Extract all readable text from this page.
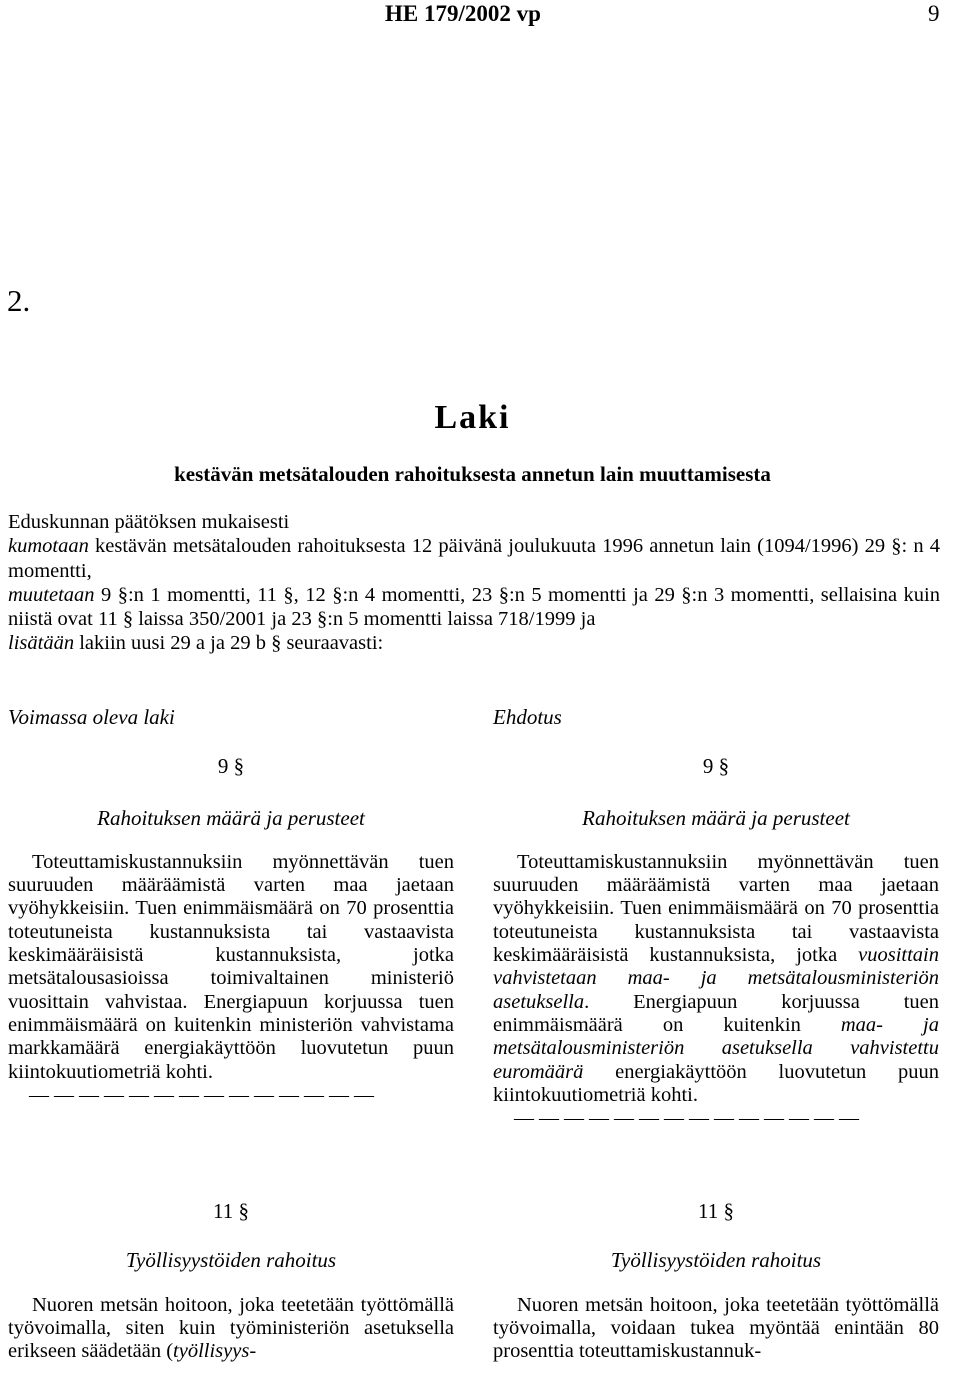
HE 179/2002 vp	9
2.
Laki
kestävän metsätalouden rahoituksesta annetun lain muuttamisesta

Eduskunnan päätöksen mukaisesti

kumotaan kestävän metsätalouden rahoituksesta 12 päivänä joulukuuta 1996 annetun lain (1094/1996) 29 §: n 4 momentti,

muutetaan 9 §:n 1 momentti, 11 §, 12 §:n 4 momentti, 23 §:n 5 momentti ja 29 §:n 3 momentti, sellaisina kuin niistä ovat 11 § laissa 350/2001 ja 23 §:n 5 momentti laissa 718/1999 ja

lisätään lakiin uusi 29 a ja 29 b § seuraavasti:

Voimassa oleva laki

9 §

Rahoituksen määrä ja perusteet

Toteuttamiskustannuksiin myönnettävän tuen suuruuden määräämistä varten maa jaetaan vyöhykkeisiin. Tuen enimmäismäärä on 70 prosenttia toteutuneista kustannuksista tai vastaavista keskimääräisistä kustannuksista, jotka metsätalousasioissa toimivaltainen ministeriö vuosittain vahvistaa. Energiapuun korjuussa tuen enimmäismäärä on kuitenkin ministeriön vahvistama markkamäärä energiakäyttöön luovutetun puun kiintokuutiometriä kohti.

— — — — — — — — — — — — — —

Ehdotus

9 §

Rahoituksen määrä ja perusteet

Toteuttamiskustannuksiin myönnettävän tuen suuruuden määräämistä varten maa jaetaan vyöhykkeisiin. Tuen enimmäismäärä on 70 prosenttia toteutuneista kustannuksista tai vastaavista keskimääräisistä kustannuksista, jotka vuosittain vahvistetaan maa- ja metsätalousministeriön asetuksella. Energiapuun korjuussa tuen enimmäismäärä on kuitenkin maa- ja metsätalousministeriön asetuksella vahvistettu euromäärä energiakäyttöön luovutetun puun kiintokuutiometriä kohti.

— — — — — — — — — — — — — —

11 §

Työllisyystöiden rahoitus

Nuoren metsän hoitoon, joka teetetään työttömällä työvoimalla, siten kuin työministeriön asetuksella erikseen säädetään (työllisyys-

11 §

Työllisyystöiden rahoitus

Nuoren metsän hoitoon, joka teetetään työttömällä työvoimalla, voidaan tukea myöntää enintään 80 prosenttia toteuttamiskustannuk-
